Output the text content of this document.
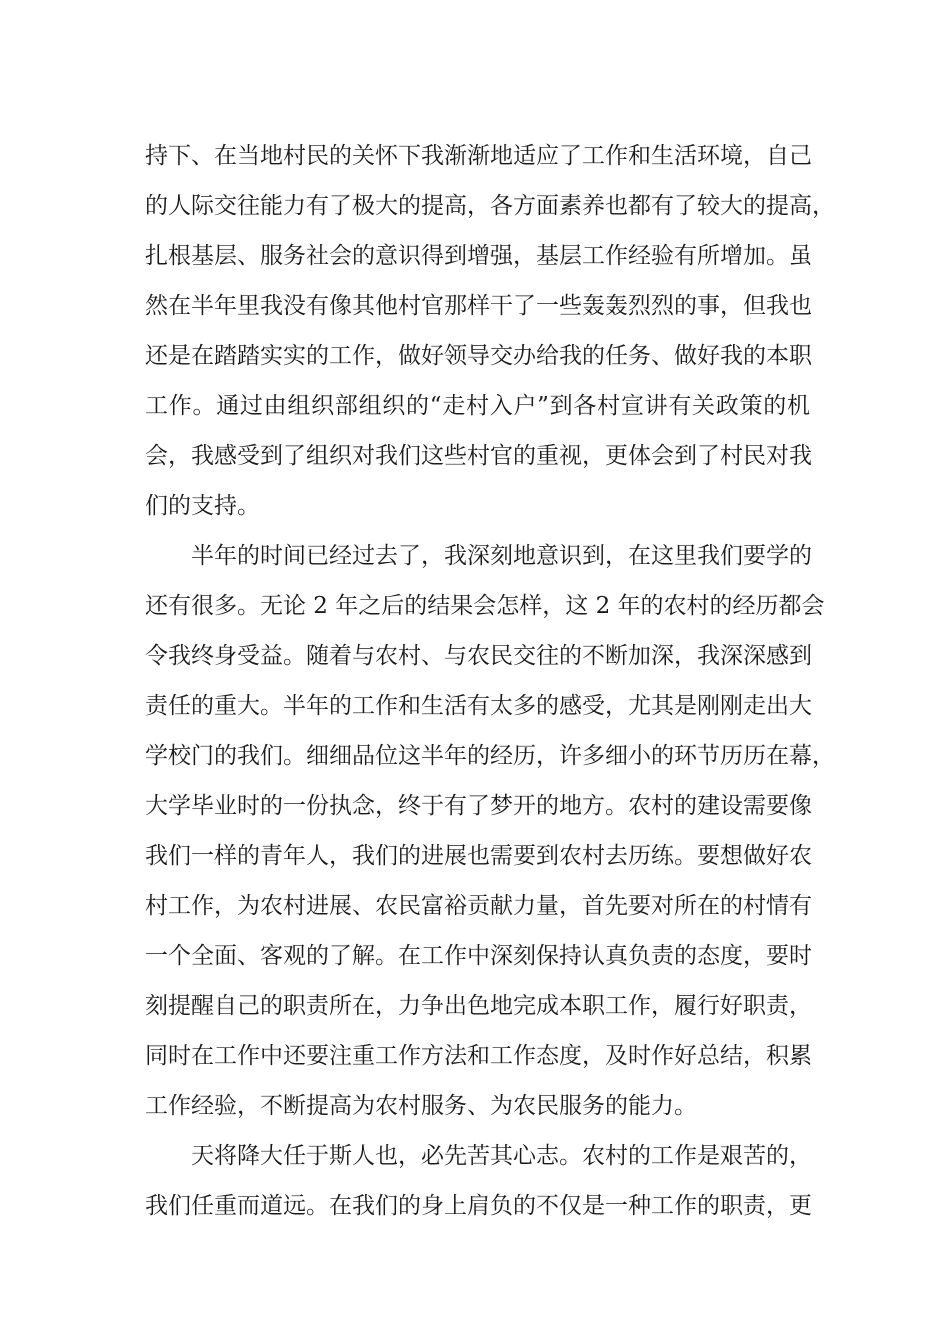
持下、在当地村民的关怀下我渐渐地适应了工作和生活环境，自己
的人际交往能力有了极大的提高，各方面素养也都有了较大的提高，
扎根基层、服务社会的意识得到增强，基层工作经验有所增加。虽
然在半年里我没有像其他村官那样干了一些轰轰烈烈的事，但我也
还是在踏踏实实的工作，做好领导交办给我的任务、做好我的本职
工作。通过由组织部组织的“走村入户”到各村宣讲有关政策的机
会，我感受到了组织对我们这些村官的重视，更体会到了村民对我
们的支持。
半年的时间已经过去了，我深刻地意识到，在这里我们要学的
还有很多。无论 2 年之后的结果会怎样，这 2 年的农村的经历都会
令我终身受益。随着与农村、与农民交往的不断加深，我深深感到
责任的重大。半年的工作和生活有太多的感受，尤其是刚刚走出大
学校门的我们。细细品位这半年的经历，许多细小的环节历历在幕，
大学毕业时的一份执念，终于有了梦开的地方。农村的建设需要像
我们一样的青年人，我们的进展也需要到农村去历练。要想做好农
村工作，为农村进展、农民富裕贡献力量，首先要对所在的村情有
一个全面、客观的了解。在工作中深刻保持认真负责的态度，要时
刻提醒自己的职责所在，力争出色地完成本职工作，履行好职责，
同时在工作中还要注重工作方法和工作态度，及时作好总结，积累
工作经验，不断提高为农村服务、为农民服务的能力。
天将降大任于斯人也，必先苦其心志。农村的工作是艰苦的，
我们任重而道远。在我们的身上肩负的不仅是一种工作的职责，更
